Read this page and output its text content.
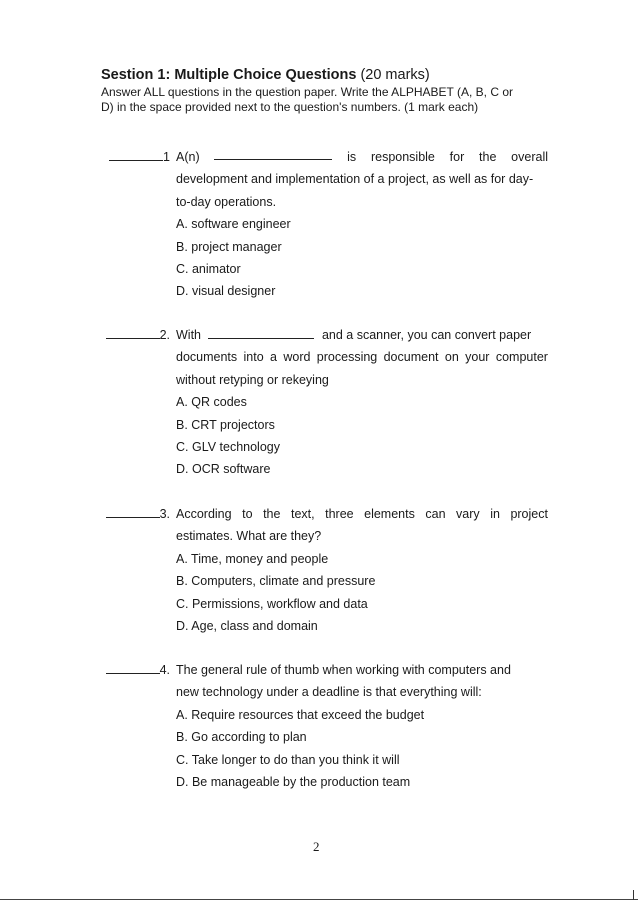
Sestion 1: Multiple Choice Questions (20 marks)

Answer ALL questions in the question paper. Write the ALPHABET (A, B, C or
D) in the space provided next to the question's numbers. (1 mark each)

1 A(n)	is responsible for the overall
development and implementation of a project, as well as for day-
to-day operations.
A. software engineer
B. project manager
C. animator
D. visual designer
2. With	and a scanner, you can convert paper
documents into a word processing document on your computer
without retyping or rekeying
A. QR codes
B. CRT projectors
C. GLV technology
D. OCR software
3. According to the text, three elements can vary in project
estimates. What are they?
A. Time, money and people
B. Computers, climate and pressure
C. Permissions, workflow and data
D. Age, class and domain
4. The general rule of thumb when working with computers and
new technology under a deadline is that everything will:
A. Require resources that exceed the budget
B. Go according to plan
C. Take longer to do than you think it will
D. Be manageable by the production team
2
